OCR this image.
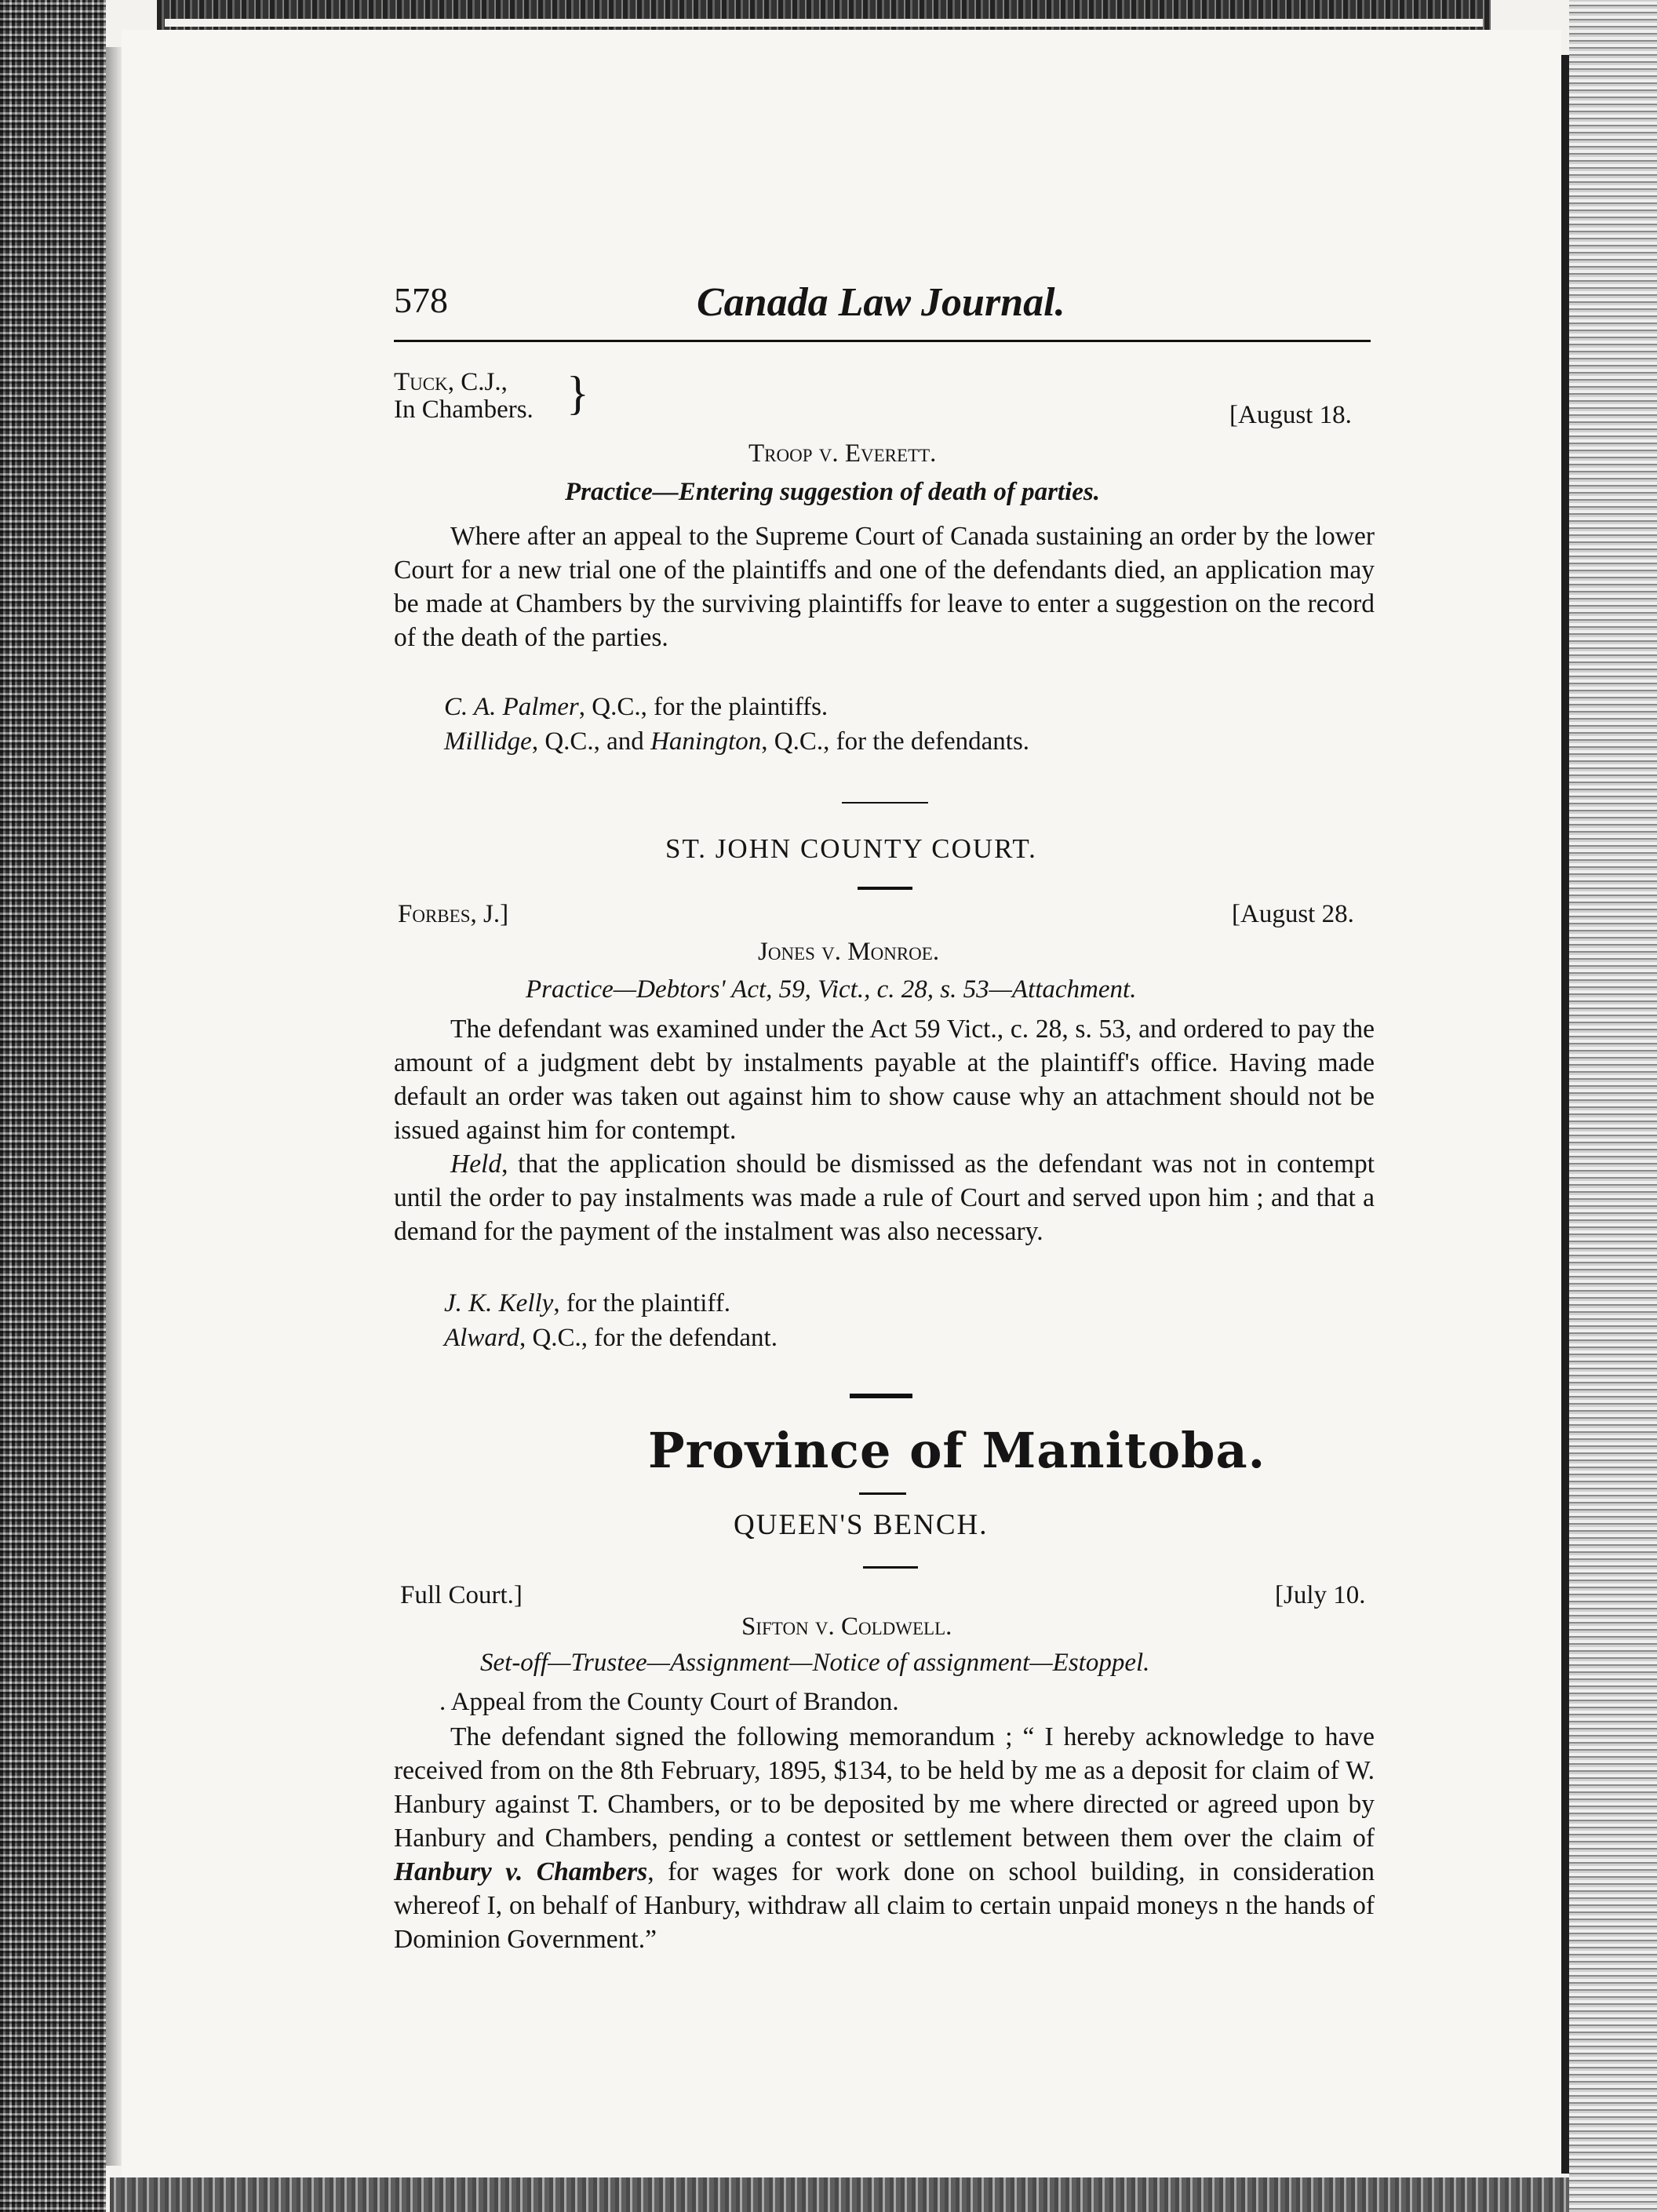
578	Canada Law Journal.
Tuck, C.J.,
In Chambers. }	[August 18.
Troop v. Everett.
Practice—Entering suggestion of death of parties.
Where after an appeal to the Supreme Court of Canada sustaining an order by the lower Court for a new trial one of the plaintiffs and one of the defendants died, an application may be made at Chambers by the surviving plaintiffs for leave to enter a suggestion on the record of the death of the parties.
C. A. Palmer, Q.C., for the plaintiffs.
Millidge, Q.C., and Hanington, Q.C., for the defendants.
ST. JOHN COUNTY COURT.
Forbes, J.]	[August 28.
Jones v. Monroe.
Practice—Debtors' Act, 59, Vict., c. 28, s. 53—Attachment.
The defendant was examined under the Act 59 Vict., c. 28, s. 53, and ordered to pay the amount of a judgment debt by instalments payable at the plaintiff's office. Having made default an order was taken out against him to show cause why an attachment should not be issued against him for contempt.
Held, that the application should be dismissed as the defendant was not in contempt until the order to pay instalments was made a rule of Court and served upon him ; and that a demand for the payment of the instalment was also necessary.
J. K. Kelly, for the plaintiff.
Alward, Q.C., for the defendant.
Province of Manitoba.
QUEEN'S BENCH.
Full Court.]	[July 10.
Sifton v. Coldwell.
Set-off—Trustee—Assignment—Notice of assignment—Estoppel.
. Appeal from the County Court of Brandon.
The defendant signed the following memorandum ; “ I hereby acknowledge to have received from on the 8th February, 1895, $134, to be held by me as a deposit for claim of W. Hanbury against T. Chambers, or to be deposited by me where directed or agreed upon by Hanbury and Chambers, pending a contest or settlement between them over the claim of Hanbury v. Chambers, for wages for work done on school building, in consideration whereof I, on behalf of Hanbury, withdraw all claim to certain unpaid moneys n the hands of Dominion Government.”
